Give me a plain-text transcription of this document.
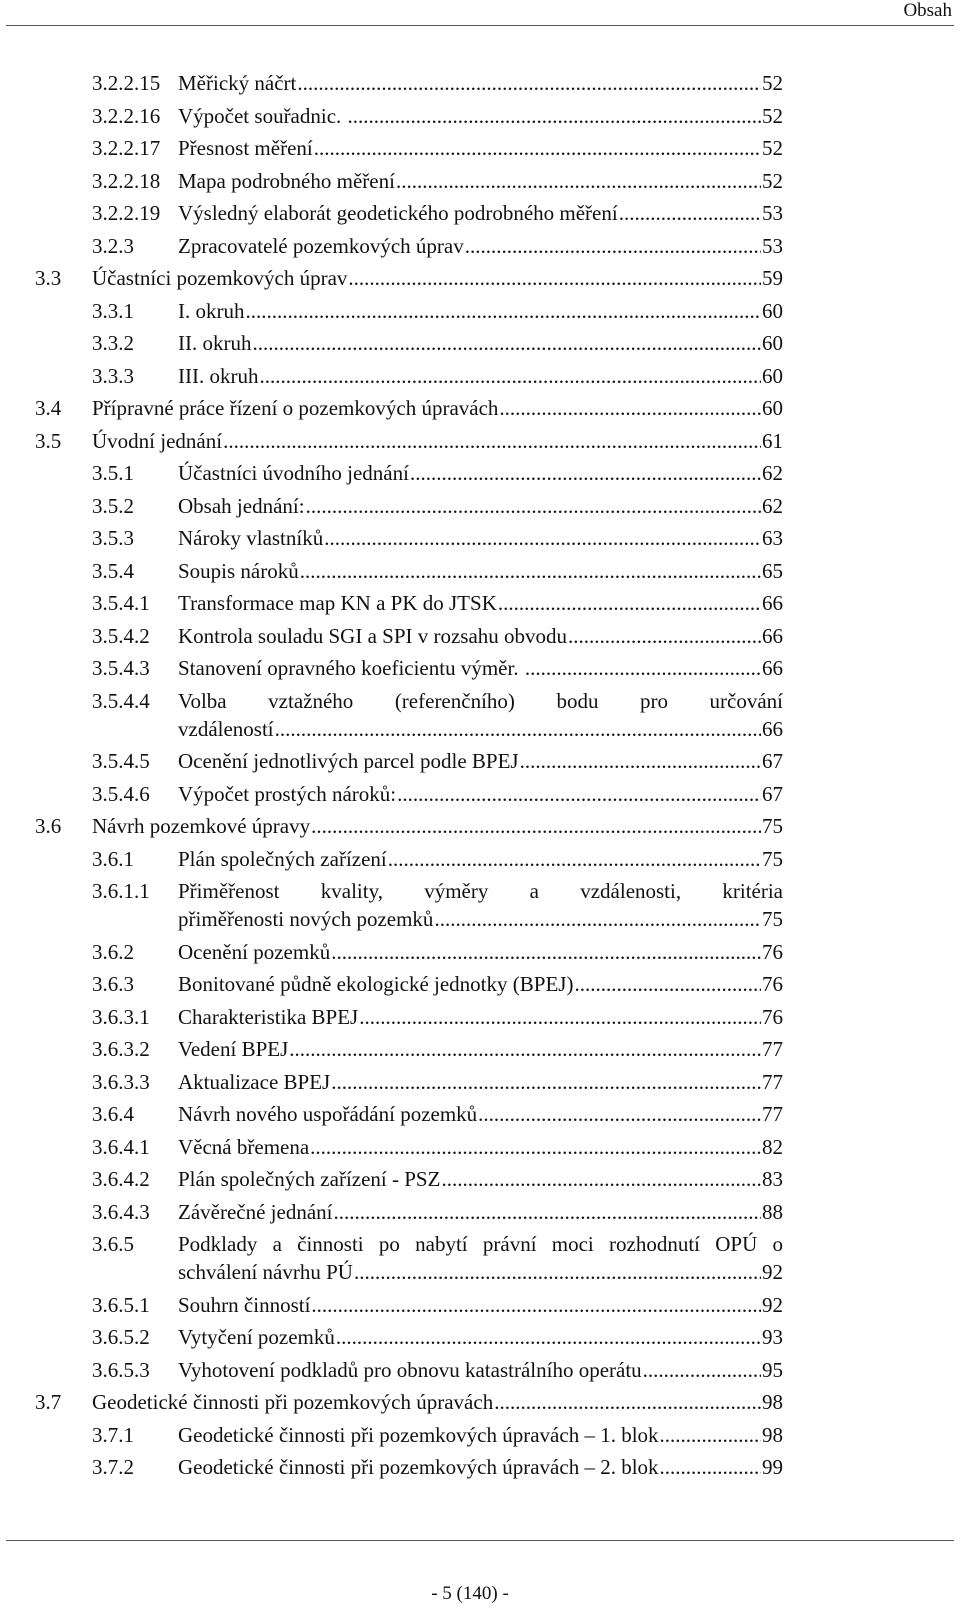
Obsah
3.2.2.15 Měřický náčrt .....	52
3.2.2.16 Výpočet souřadnic. .....	52
3.2.2.17 Přesnost měření .....	52
3.2.2.18 Mapa podrobného měření .....	52
3.2.2.19 Výsledný elaborát geodetického podrobného měření .....	53
3.2.3 Zpracovatelé pozemkových úprav .....	53
3.3 Účastníci pozemkových úprav .....	59
3.3.1 I. okruh .....	60
3.3.2 II. okruh .....	60
3.3.3 III. okruh .....	60
3.4 Přípravné práce řízení o pozemkových úpravách .....	60
3.5 Úvodní jednání .....	61
3.5.1 Účastníci úvodního jednání .....	62
3.5.2 Obsah jednání: .....	62
3.5.3 Nároky vlastníků .....	63
3.5.4 Soupis nároků .....	65
3.5.4.1 Transformace map KN a PK do JTSK .....	66
3.5.4.2 Kontrola souladu SGI a SPI v rozsahu obvodu .....	66
3.5.4.3 Stanovení opravného koeficientu výměr. .....	66
3.5.4.4 Volba vztažného (referenčního) bodu pro určování
vzdáleností .....	66
3.5.4.5 Ocenění jednotlivých parcel podle BPEJ .....	67
3.5.4.6 Výpočet prostých nároků: .....	67
3.6 Návrh pozemkové úpravy .....	75
3.6.1 Plán společných zařízení .....	75
3.6.1.1 Přiměřenost kvality, výměry a vzdálenosti, kritéria
přiměřenosti nových pozemků .....	75
3.6.2 Ocenění pozemků .....	76
3.6.3 Bonitované půdně ekologické jednotky (BPEJ) .....	76
3.6.3.1 Charakteristika BPEJ .....	76
3.6.3.2 Vedení BPEJ .....	77
3.6.3.3 Aktualizace BPEJ .....	77
3.6.4 Návrh nového uspořádání pozemků .....	77
3.6.4.1 Věcná břemena .....	82
3.6.4.2 Plán společných zařízení - PSZ .....	83
3.6.4.3 Závěrečné jednání .....	88
3.6.5 Podklady a činnosti po nabytí právní moci rozhodnutí OPÚ o
schválení návrhu PÚ .....	92
3.6.5.1 Souhrn činností .....	92
3.6.5.2 Vytyčení pozemků .....	93
3.6.5.3 Vyhotovení podkladů pro obnovu katastrálního operátu .....	95
3.7 Geodetické činnosti při pozemkových úpravách .....	98
3.7.1 Geodetické činnosti při pozemkových úpravách – 1. blok .....	98
3.7.2 Geodetické činnosti při pozemkových úpravách – 2. blok .....	99
- 5 (140) -
